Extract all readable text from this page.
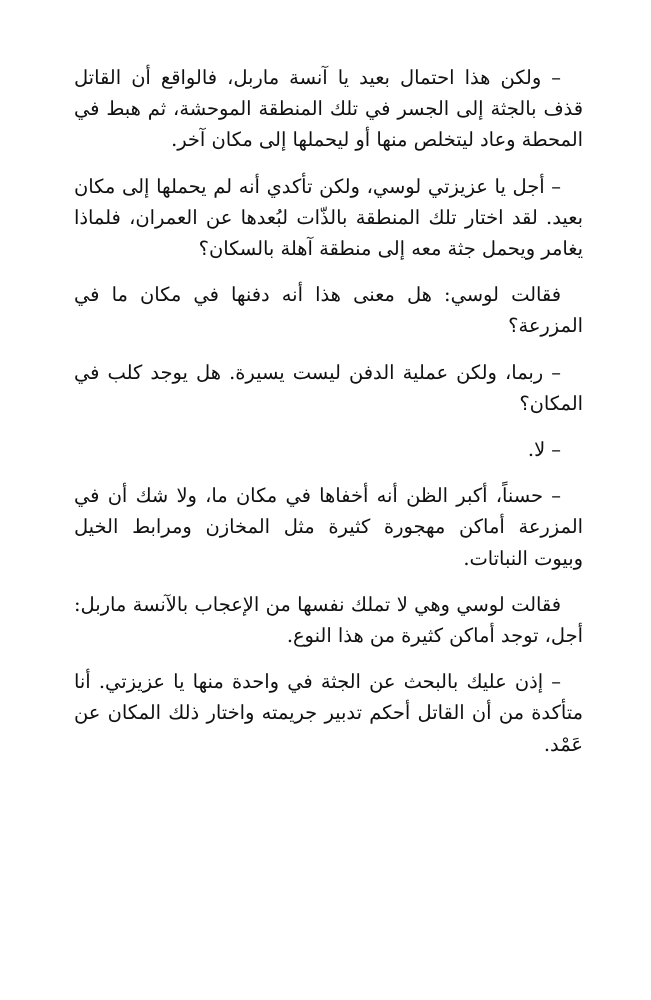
– ولكن هذا احتمال بعيد يا آنسة ماربل، فالواقع أن القاتل قذف بالجثة إلى الجسر في تلك المنطقة الموحشة، ثم هبط في المحطة وعاد ليتخلص منها أو ليحملها إلى مكان آخر.

– أجل يا عزيزتي لوسي، ولكن تأكدي أنه لم يحملها إلى مكان بعيد. لقد اختار تلك المنطقة بالذّات لبُعدها عن العمران، فلماذا يغامر ويحمل جثة معه إلى منطقة آهلة بالسكان؟

فقالت لوسي: هل معنى هذا أنه دفنها في مكان ما في المزرعة؟

– ربما، ولكن عملية الدفن ليست يسيرة. هل يوجد كلب في المكان؟

– لا.

– حسناً، أكبر الظن أنه أخفاها في مكان ما، ولا شك أن في المزرعة أماكن مهجورة كثيرة مثل المخازن ومرابط الخيل وبيوت النباتات.

فقالت لوسي وهي لا تملك نفسها من الإعجاب بالآنسة ماربل: أجل، توجد أماكن كثيرة من هذا النوع.

– إذن عليك بالبحث عن الجثة في واحدة منها يا عزيزتي. أنا متأكدة من أن القاتل أحكم تدبير جريمته واختار ذلك المكان عن عَمْد.
